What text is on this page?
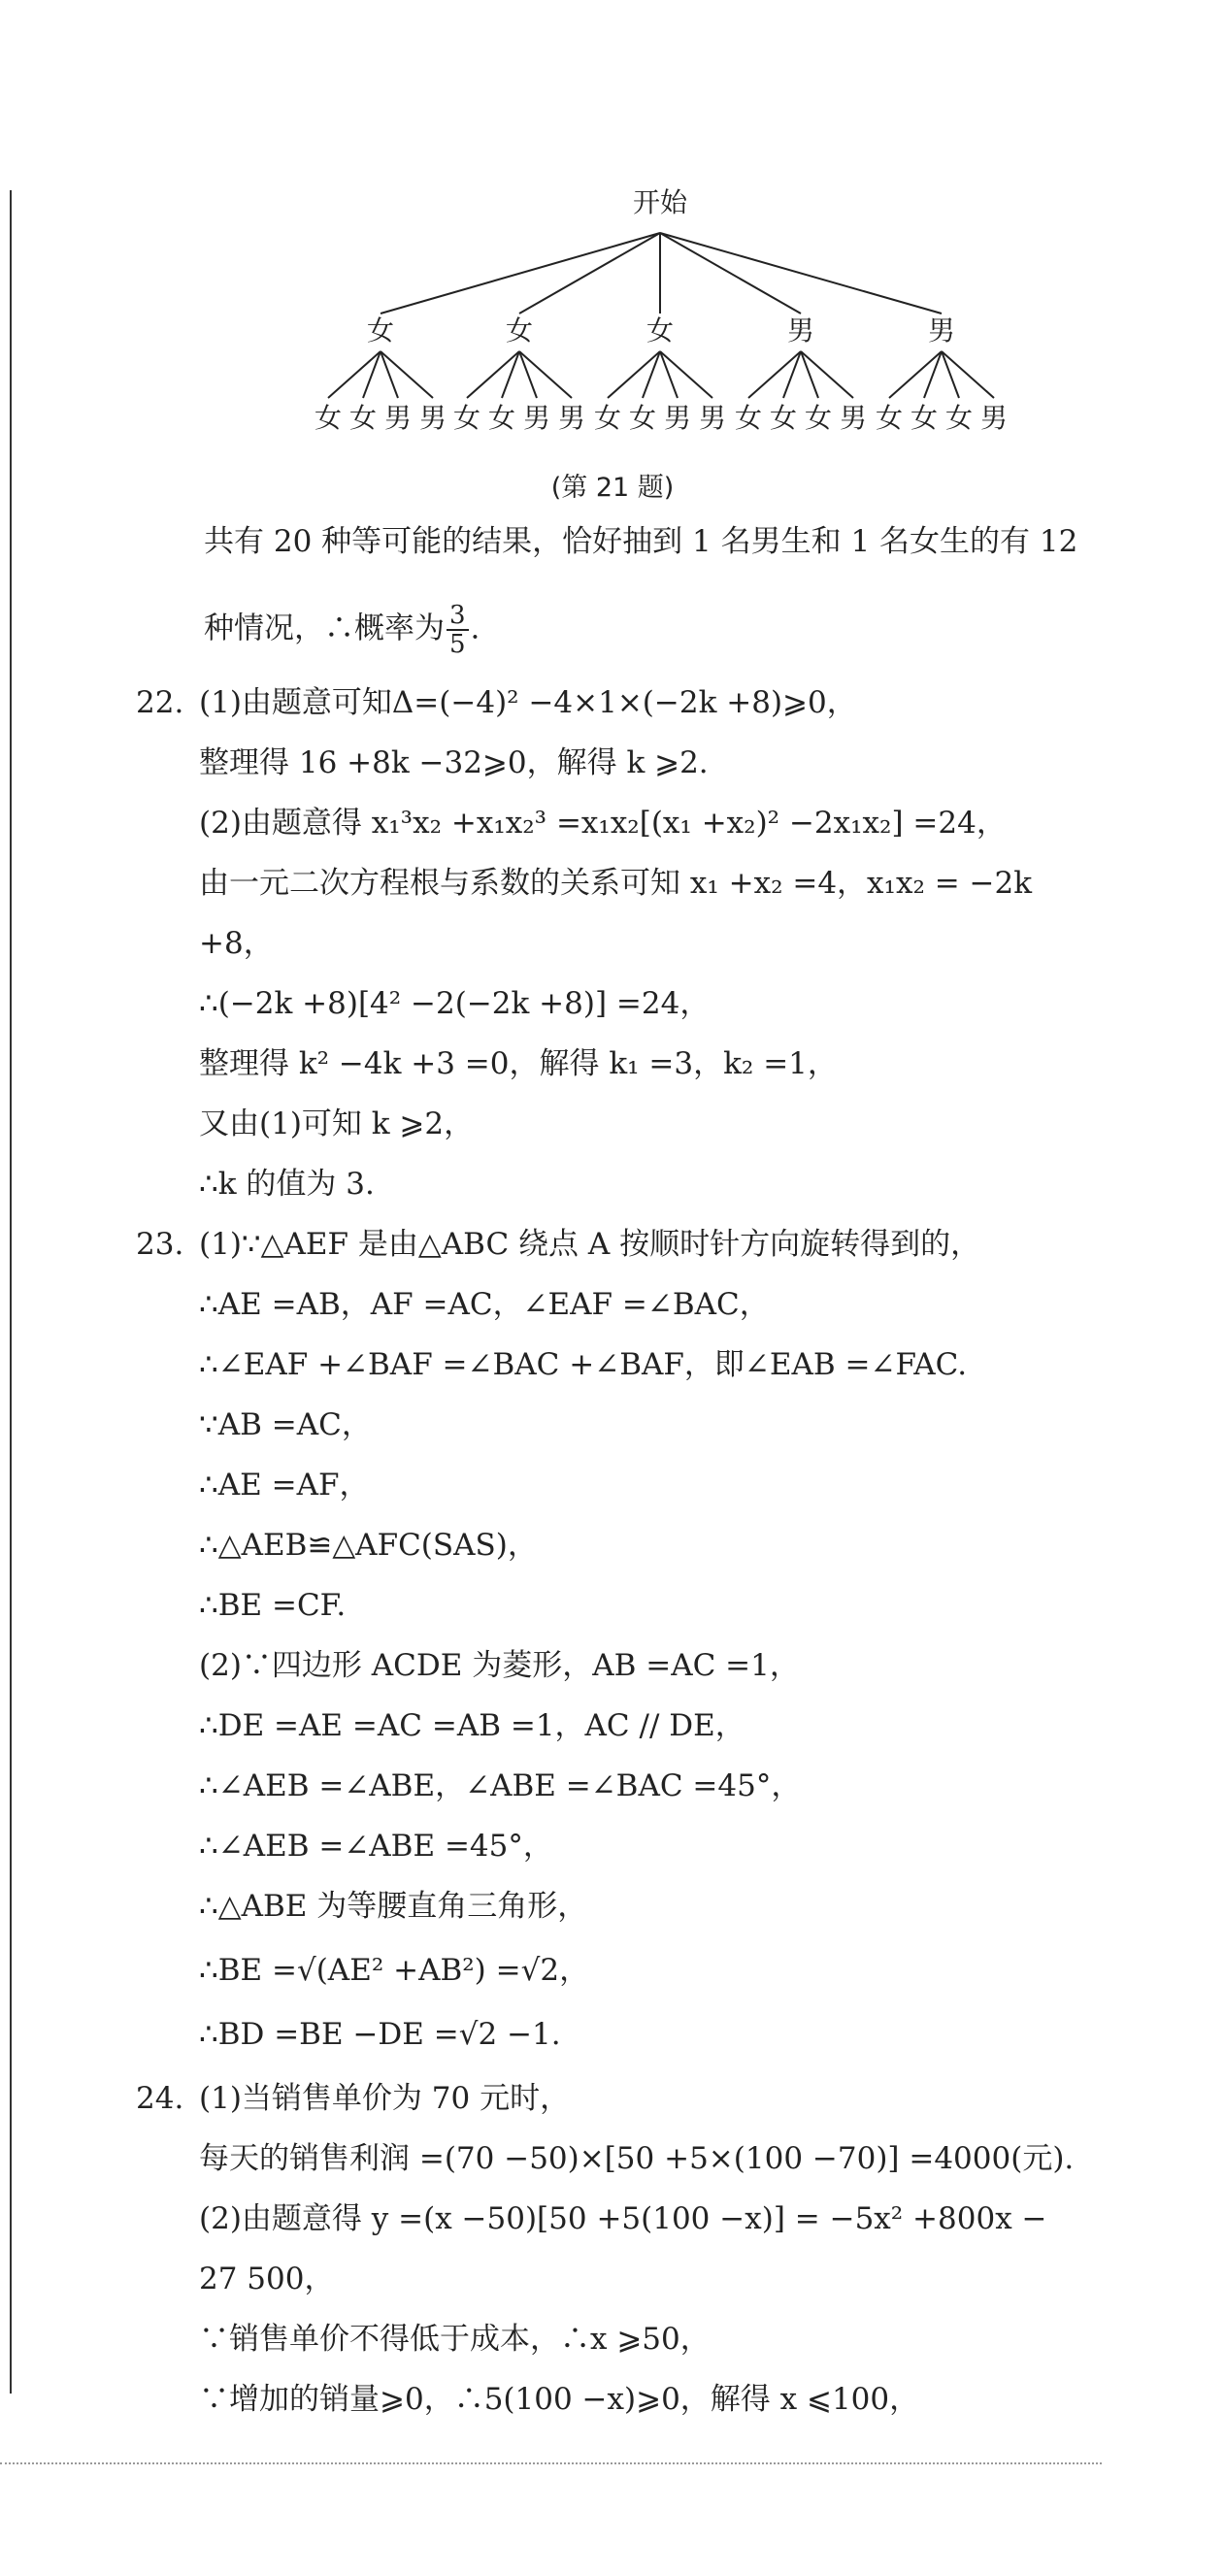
开始
女
女 女 男 男
女
女 女 男 男
女
女 女 男 男
男
女 女 女 男
男
女 女 女 男
(第 21 题)
共有 20 种等可能的结果，恰好抽到 1 名男生和 1 名女生的有 12
种情况，∴概率为 $\frac{3}{5}$ .
22. (1)由题意可知Δ=(−4)² −4×1×(−2k +8)⩾0，
整理得 16 +8k −32⩾0，解得 k ⩾2.
(2)由题意得 x₁³x₂ +x₁x₂³ =x₁x₂[(x₁ +x₂)² −2x₁x₂] =24，
由一元二次方程根与系数的关系可知 x₁ +x₂ =4，x₁x₂ = −2k
+8，
∴(−2k +8)[4² −2(−2k +8)] =24，
整理得 k² −4k +3 =0，解得 k₁ =3，k₂ =1，
又由(1)可知 k ⩾2，
∴k 的值为 3.
23. (1)∵△AEF 是由△ABC 绕点 A 按顺时针方向旋转得到的，
∴AE =AB，AF =AC，∠EAF =∠BAC，
∴∠EAF +∠BAF =∠BAC +∠BAF，即∠EAB =∠FAC.
∵AB =AC，
∴AE =AF，
∴△AEB≌△AFC(SAS)，
∴BE =CF.
(2)∵四边形 ACDE 为菱形，AB =AC =1，
∴DE =AE =AC =AB =1，AC // DE，
∴∠AEB =∠ABE，∠ABE =∠BAC =45°，
∴∠AEB =∠ABE =45°，
∴△ABE 为等腰直角三角形，
∴BE =√(AE² +AB²) =√2，
∴BD =BE −DE =√2 −1.
24. (1)当销售单价为 70 元时，
每天的销售利润 =(70 −50)×[50 +5×(100 −70)] =4000(元).
(2)由题意得 y =(x −50)[50 +5(100 −x)] = −5x² +800x −
27 500，
∵销售单价不得低于成本，∴x ⩾50，
∵增加的销量⩾0，∴5(100 −x)⩾0，解得 x ⩽100，
